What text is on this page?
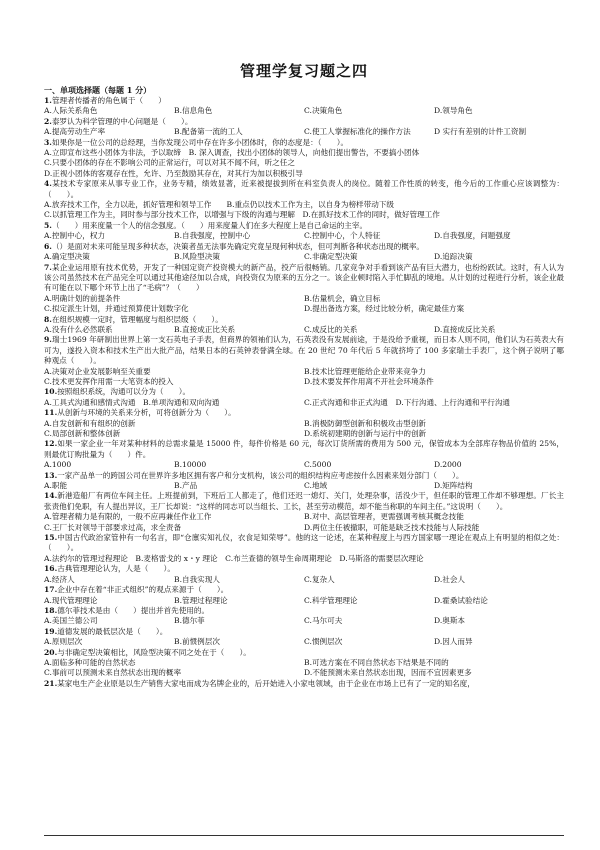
管理学复习题之四
一、单项选择题（每题 1 分）

1.管理者传播者的角色属于（　　）

A.人际关系角色	B.信息角色	C.决策角色	D.领导角色

2.泰罗认为科学管理的中心问题是（　　）。

A.提高劳动生产率	B.配备第一流的工人	C.使工人掌握标准化的操作方法	D 实行有差别的计件工资制

3.如果你是一位公司的总经理，当你发现公司中存在许多小团体时，你的态度是：（　　）。

A.立即宣布这些小团体为非法，予以取缔　B. 深入调查，找出小团体的领导人，向他们提出警告，不要搞小团体
C.只要小团体的存在不影响公司的正常运行，可以对其不闻不问，听之任之
D.正视小团体的客观存在性，允许、乃至鼓励其存在，对其行为加以积极引导

4.某技术专家原来从事专业工作，业务专精，绩效显著，近来被提拔到所在科室负责人的岗位。随着工作性质的转变，他今后的工作重心应该调整为：（　　）。

A.放弃技术工作，全力以赴，抓好管理和领导工作　　B.重点仍以技术工作为主，以自身为榜样带动下级
C.以抓管理工作为主，同时参与部分技术工作，以增强与下级的沟通与理解　D.在抓好技术工作的同时，做好管理工作

5.（　　）用来度量一个人的信念强度。（　　）用来度量人们在多大程度上是自己命运的主宰。

A.控制中心，权力	B.自我强度，控制中心	C.控制中心，个人特征	D.自我强度，问题强度

6.（）是面对未来可能呈现多种状态，决策者虽无法事先确定究竟呈现何种状态，但可判断各种状态出现的概率。

A.确定型决策	B.风险型决策	C.非确定型决策	D.追踪决策

7.某企业运用原有技术优势，开发了一种国定资产投资模大的新产品，投产后很畅销。几家竞争对手看到该产品有巨大潜力，也纷纷跃试。这时，有人认为该公司虽然技术在产品完全可以通过其他途径加以合成，向投资仅为原来的五分之一。该企业顿时陷入手忙脚乱的境地。从计划的过程进行分析，该企业最有可能在以下哪个环节上出了“毛病”？（　　）

A.明确计划的前提条件	B.估量机会，确立目标
C.拟定派生计划，并通过预算使计划数字化	D.提出备选方案，经过比较分析，确定最佳方案

8.在组织规模一定时，管理幅度与组织层级（　　）。

A.没有什么必然联系	B.直接成正比关系	C.成反比的关系	D.直接成反比关系

9.瑞士1969 年研制出世界上第一支石英电子手表，但商界的领袖们认为，石英表没有发展前途，于是没给予重视，而日本人则不同，他们认为石英表大有可为，遂投入资本和技术生产出大批产品，结果日本的石英钟表誉满全球。在 20 世纪 70 年代后 5 年就挤垮了 100 多家瑞士手表厂，这个例子说明了哪种观点（　　）。

A.决策对企业发展影响至关重要	B.技术比管理更能给企业带来竞争力
C.技术更发挥作用需一大笔资本的投入	D.技术要发挥作用离不开社会环境条件

10.按照组织系统，沟通可以分为（　　）。

A.工具式沟通和感情式沟通　B.单项沟通和双向沟通	C.正式沟通和非正式沟通　D.下行沟通、上行沟通和平行沟通

11.从创新与环境的关系来分析，可将创新分为（　　）。

A.自发创新和有组织的创新	B.消极防御型创新和积极攻击型创新
C.局部创新和整体创新	D.系统初建期的创新与运行中的创新

12.如果一家企业一年对某种材料的总需求量是 15000 件，每件价格是 60 元，每次订货所需的费用为 500 元，保管成本为全部库存物品价值的 25%，则最优订购批量为（　　）件。

A.1000	B.10000	C.5000	D.2000

13.一家产品单一的跨国公司在世界许多地区拥有客户和分支机构，该公司的组织结构应考虑按什么因素来划分部门（　　）。

A.职能	B.产品	C.地域	D.矩阵结构

14.新港造船厂有两位车间主任。上班提前到，下班后工人都走了，他们还迟一熄灯、关门，处理杂事，活没少干，但任职的管理工作却不够理想。厂长主张责他们免职，有人提出异议，王厂长却说：“这样的同志可以当组长、工长，甚至劳动模范，却不能当称职的车间主任。”这说明（　　）。

A.管理者精力是有限的，一般不应再兼任作业工作	B.对中、高层管理者，更需强调考核其概念技能
C.王厂长对领导干部要求过高，求全责备	D.两位主任被撤职，可能是缺乏技术技能与人际技能

15.中国古代政治家管仲有一句名言，即“仓廪实知礼仪，衣食足知荣辱”。他的这一论述，在某种程度上与西方国家哪一理论在观点上有明显的相似之处：（　　）。

A.法约尔的管理过程理论　B.麦格雷戈的 x・y 理论　C.布兰查德的领导生命周期理论　D.马斯洛的需要层次理论

16.古典管理理论认为，人是（　　）。

A.经济人	B.自我实现人	C.复杂人	D.社会人

17.企业中存在着“非正式组织”的观点来源于（　　）。

A.现代管理理论	B.管理过程理论	C.科学管理理论	D.霍桑试验结论

18.德尔菲技术是由（　　）提出并首先使用的。

A.美国兰德公司	B.德尔菲	C.马尔可夫	D.奥斯本

19.道德发展的最低层次是（　　）。

A.原则层次	B.前惯例层次	C.惯例层次	D.因人而异

20.与非确定型决策相比，风险型决策不同之处在于（　　）。

A.面临多种可能的自然状态	B.可选方案在不同自然状态下结果是不同的
C.事前可以预测未来自然状态出现的概率	D.不能预测未来自然状态出现，因而不宜因素更多

21.某家电生产企业原是以生产销售大家电而成为名牌企业的，后开始进入小家电领域，由于企业在市场上已有了一定的知名度，
